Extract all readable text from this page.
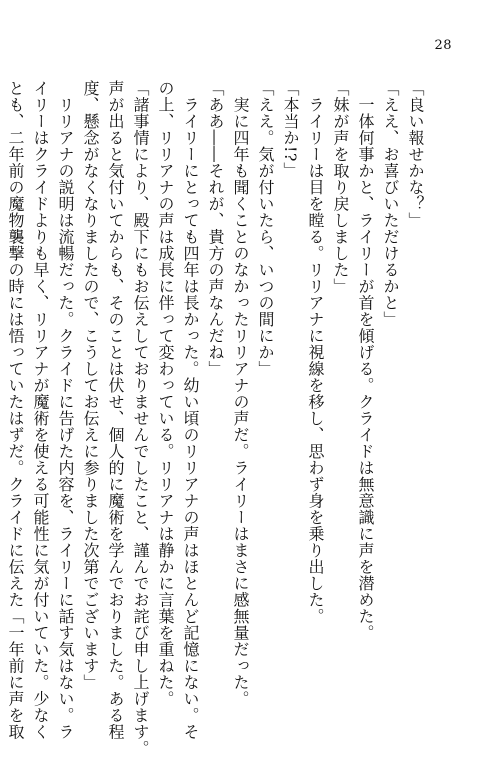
28

「良い報せかな？」

「ええ、お喜びいただけるかと」

　一体何事かと、ライリーが首を傾げる。クライドは無意識に声を潜めた。

「妹が声を取り戻しました」

　ライリーは目を瞠る。リリアナに視線を移し、思わず身を乗り出した。

「本当か!?」

「ええ。気が付いたら、いつの間にか」

　実に四年も聞くことのなかったリリアナの声だ。ライリーはまさに感無量だった。

「ああ――それが、貴方の声なんだね」

　ライリーにとっても四年は長かった。幼い頃のリリアナの声はほとんど記憶にない。そ

の上、リリアナの声は成長に伴って変わっている。リリアナは静かに言葉を重ねた。

「諸事情により、殿下にもお伝えしておりませんでしたこと、謹んでお詫び申し上げます。

声が出ると気付いてからも、そのことは伏せ、個人的に魔術を学んでおりました。ある程

度、懸念がなくなりましたので、こうしてお伝えに参りました次第でございます」

　リリアナの説明は流暢だった。クライドに告げた内容を、ライリーに話す気はない。ラ

イリーはクライドよりも早く、リリアナが魔術を使える可能性に気が付いていた。少なく

とも、二年前の魔物襲撃の時には悟っていたはずだ。クライドに伝えた「一年前に声を取
